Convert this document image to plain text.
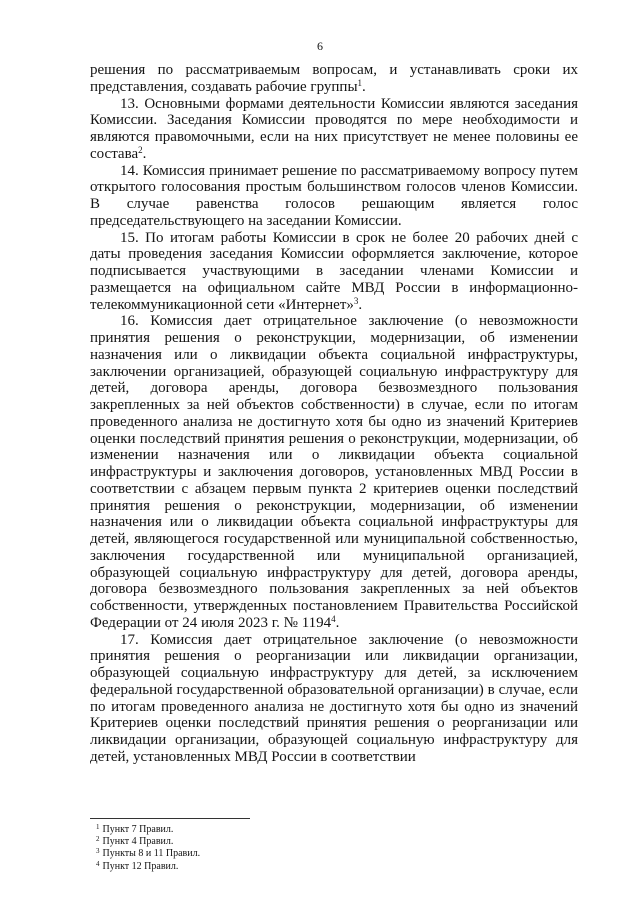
6

решения по рассматриваемым вопросам, и устанавливать сроки их представления, создавать рабочие группы$^1$.

13. Основными формами деятельности Комиссии являются заседания Комиссии. Заседания Комиссии проводятся по мере необходимости и являются правомочными, если на них присутствует не менее половины ее состава$^2$.

14. Комиссия принимает решение по рассматриваемому вопросу путем открытого голосования простым большинством голосов членов Комиссии. В случае равенства голосов решающим является голос председательствующего на заседании Комиссии.

15. По итогам работы Комиссии в срок не более 20 рабочих дней с даты проведения заседания Комиссии оформляется заключение, которое подписывается участвующими в заседании членами Комиссии и размещается на официальном сайте МВД России в информационно-телекоммуникационной сети «Интернет»$^3$.

16. Комиссия дает отрицательное заключение (о невозможности принятия решения о реконструкции, модернизации, об изменении назначения или о ликвидации объекта социальной инфраструктуры, заключении организацией, образующей социальную инфраструктуру для детей, договора аренды, договора безвозмездного пользования закрепленных за ней объектов собственности) в случае, если по итогам проведенного анализа не достигнуто хотя бы одно из значений Критериев оценки последствий принятия решения о реконструкции, модернизации, об изменении назначения или о ликвидации объекта социальной инфраструктуры и заключения договоров, установленных МВД России в соответствии с абзацем первым пункта 2 критериев оценки последствий принятия решения о реконструкции, модернизации, об изменении назначения или о ликвидации объекта социальной инфраструктуры для детей, являющегося государственной или муниципальной собственностью, заключения государственной или муниципальной организацией, образующей социальную инфраструктуру для детей, договора аренды, договора безвозмездного пользования закрепленных за ней объектов собственности, утвержденных постановлением Правительства Российской Федерации от 24 июля 2023 г. № 1194$^4$.

17. Комиссия дает отрицательное заключение (о невозможности принятия решения о реорганизации или ликвидации организации, образующей социальную инфраструктуру для детей, за исключением федеральной государственной образовательной организации) в случае, если по итогам проведенного анализа не достигнуто хотя бы одно из значений Критериев оценки последствий принятия решения о реорганизации или ликвидации организации, образующей социальную инфраструктуру для детей, установленных МВД России в соответствии

$^1$ Пункт 7 Правил.
$^2$ Пункт 4 Правил.
$^3$ Пункты 8 и 11 Правил.
$^4$ Пункт 12 Правил.
